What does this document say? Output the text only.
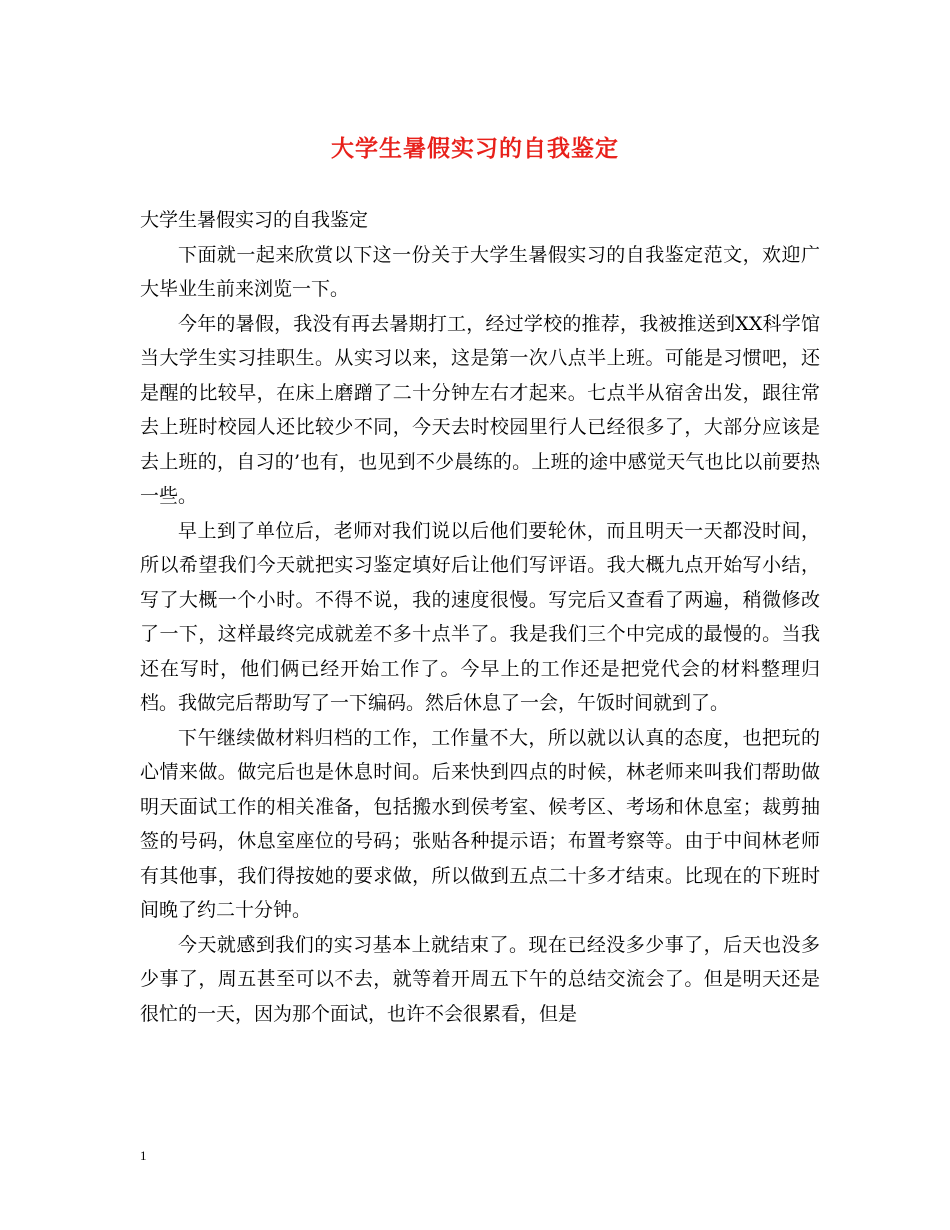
大学生暑假实习的自我鉴定

大学生暑假实习的自我鉴定

下面就一起来欣赏以下这一份关于大学生暑假实习的自我鉴定范文，欢迎广大毕业生前来浏览一下。

今年的暑假，我没有再去暑期打工，经过学校的推荐，我被推送到XX科学馆当大学生实习挂职生。从实习以来，这是第一次八点半上班。可能是习惯吧，还是醒的比较早，在床上磨蹭了二十分钟左右才起来。七点半从宿舍出发，跟往常去上班时校园人还比较少不同，今天去时校园里行人已经很多了，大部分应该是去上班的，自习的’也有，也见到不少晨练的。上班的途中感觉天气也比以前要热一些。

早上到了单位后，老师对我们说以后他们要轮休，而且明天一天都没时间，所以希望我们今天就把实习鉴定填好后让他们写评语。我大概九点开始写小结，写了大概一个小时。不得不说，我的速度很慢。写完后又查看了两遍，稍微修改了一下，这样最终完成就差不多十点半了。我是我们三个中完成的最慢的。当我还在写时，他们俩已经开始工作了。今早上的工作还是把党代会的材料整理归档。我做完后帮助写了一下编码。然后休息了一会，午饭时间就到了。

下午继续做材料归档的工作，工作量不大，所以就以认真的态度，也把玩的心情来做。做完后也是休息时间。后来快到四点的时候，林老师来叫我们帮助做明天面试工作的相关准备，包括搬水到侯考室、候考区、考场和休息室；裁剪抽签的号码，休息室座位的号码；张贴各种提示语；布置考察等。由于中间林老师有其他事，我们得按她的要求做，所以做到五点二十多才结束。比现在的下班时间晚了约二十分钟。

今天就感到我们的实习基本上就结束了。现在已经没多少事了，后天也没多少事了，周五甚至可以不去，就等着开周五下午的总结交流会了。但是明天还是很忙的一天，因为那个面试，也许不会很累看，但是

1
